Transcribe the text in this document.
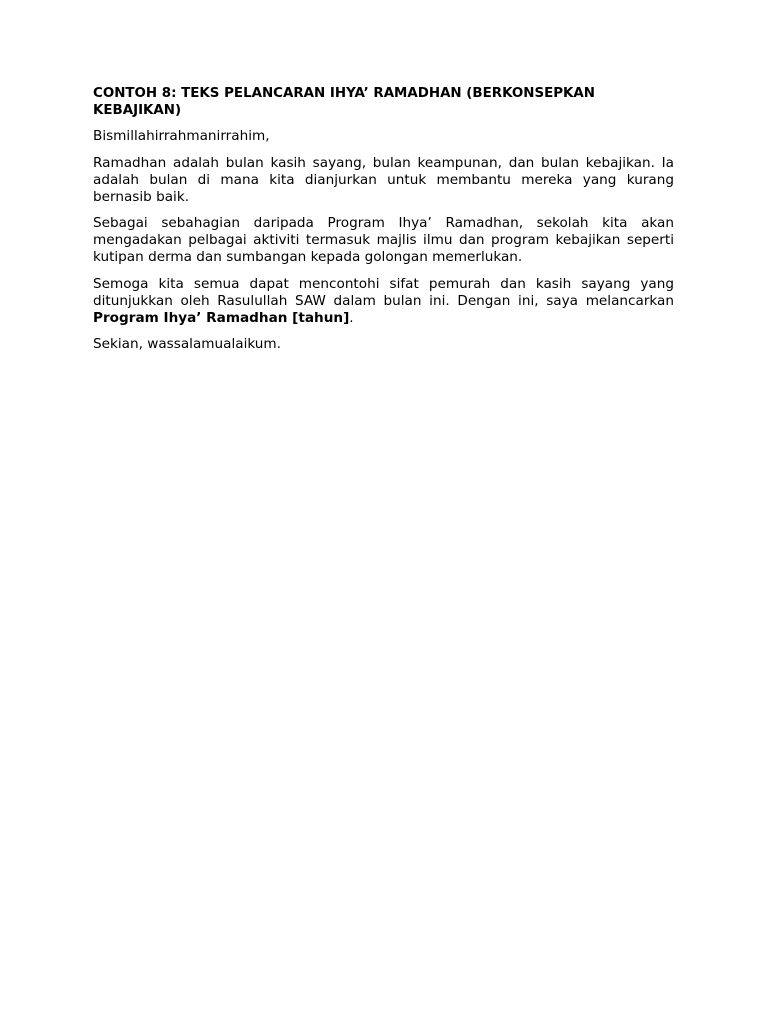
CONTOH 8: TEKS PELANCARAN IHYA’ RAMADHAN (BERKONSEPKAN KEBAJIKAN)

Bismillahirrahmanirrahim,

Ramadhan adalah bulan kasih sayang, bulan keampunan, dan bulan kebajikan. Ia adalah bulan di mana kita dianjurkan untuk membantu mereka yang kurang bernasib baik.

Sebagai sebahagian daripada Program Ihya’ Ramadhan, sekolah kita akan mengadakan pelbagai aktiviti termasuk majlis ilmu dan program kebajikan seperti kutipan derma dan sumbangan kepada golongan memerlukan.

Semoga kita semua dapat mencontohi sifat pemurah dan kasih sayang yang ditunjukkan oleh Rasulullah SAW dalam bulan ini. Dengan ini, saya melancarkan Program Ihya’ Ramadhan [tahun].

Sekian, wassalamualaikum.
